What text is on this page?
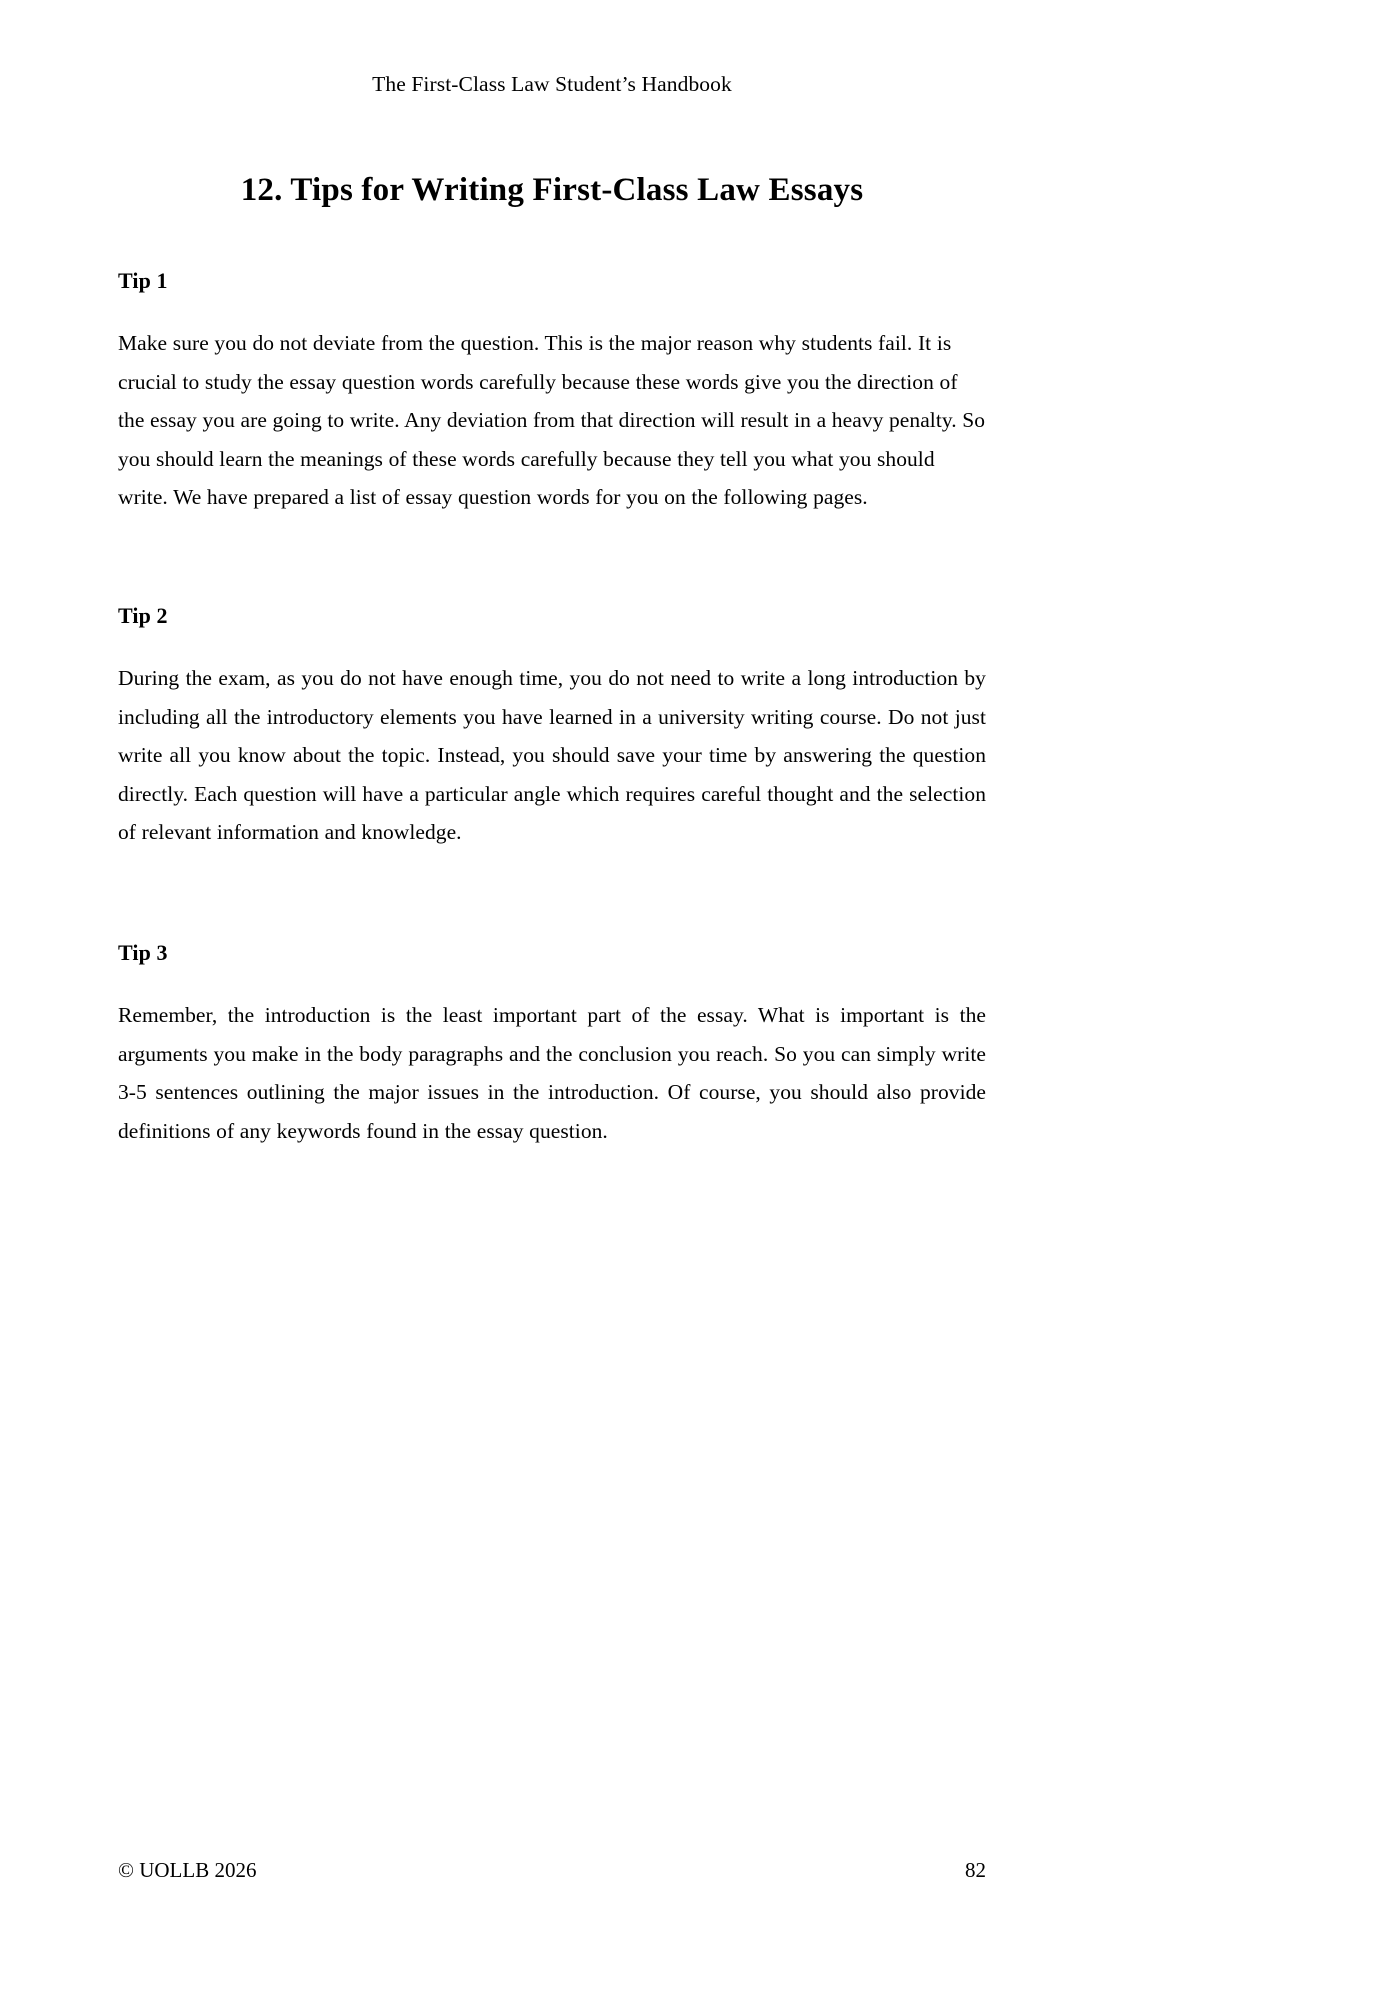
The First-Class Law Student’s Handbook
12. Tips for Writing First-Class Law Essays
Tip 1

Make sure you do not deviate from the question. This is the major reason why students fail. It is crucial to study the essay question words carefully because these words give you the direction of the essay you are going to write. Any deviation from that direction will result in a heavy penalty. So you should learn the meanings of these words carefully because they tell you what you should write. We have prepared a list of essay question words for you on the following pages.

Tip 2

During the exam, as you do not have enough time, you do not need to write a long introduction by including all the introductory elements you have learned in a university writing course. Do not just write all you know about the topic. Instead, you should save your time by answering the question directly. Each question will have a particular angle which requires careful thought and the selection of relevant information and knowledge.

Tip 3

Remember, the introduction is the least important part of the essay. What is important is the arguments you make in the body paragraphs and the conclusion you reach. So you can simply write 3-5 sentences outlining the major issues in the introduction. Of course, you should also provide definitions of any keywords found in the essay question.

© UOLLB 2026	82
